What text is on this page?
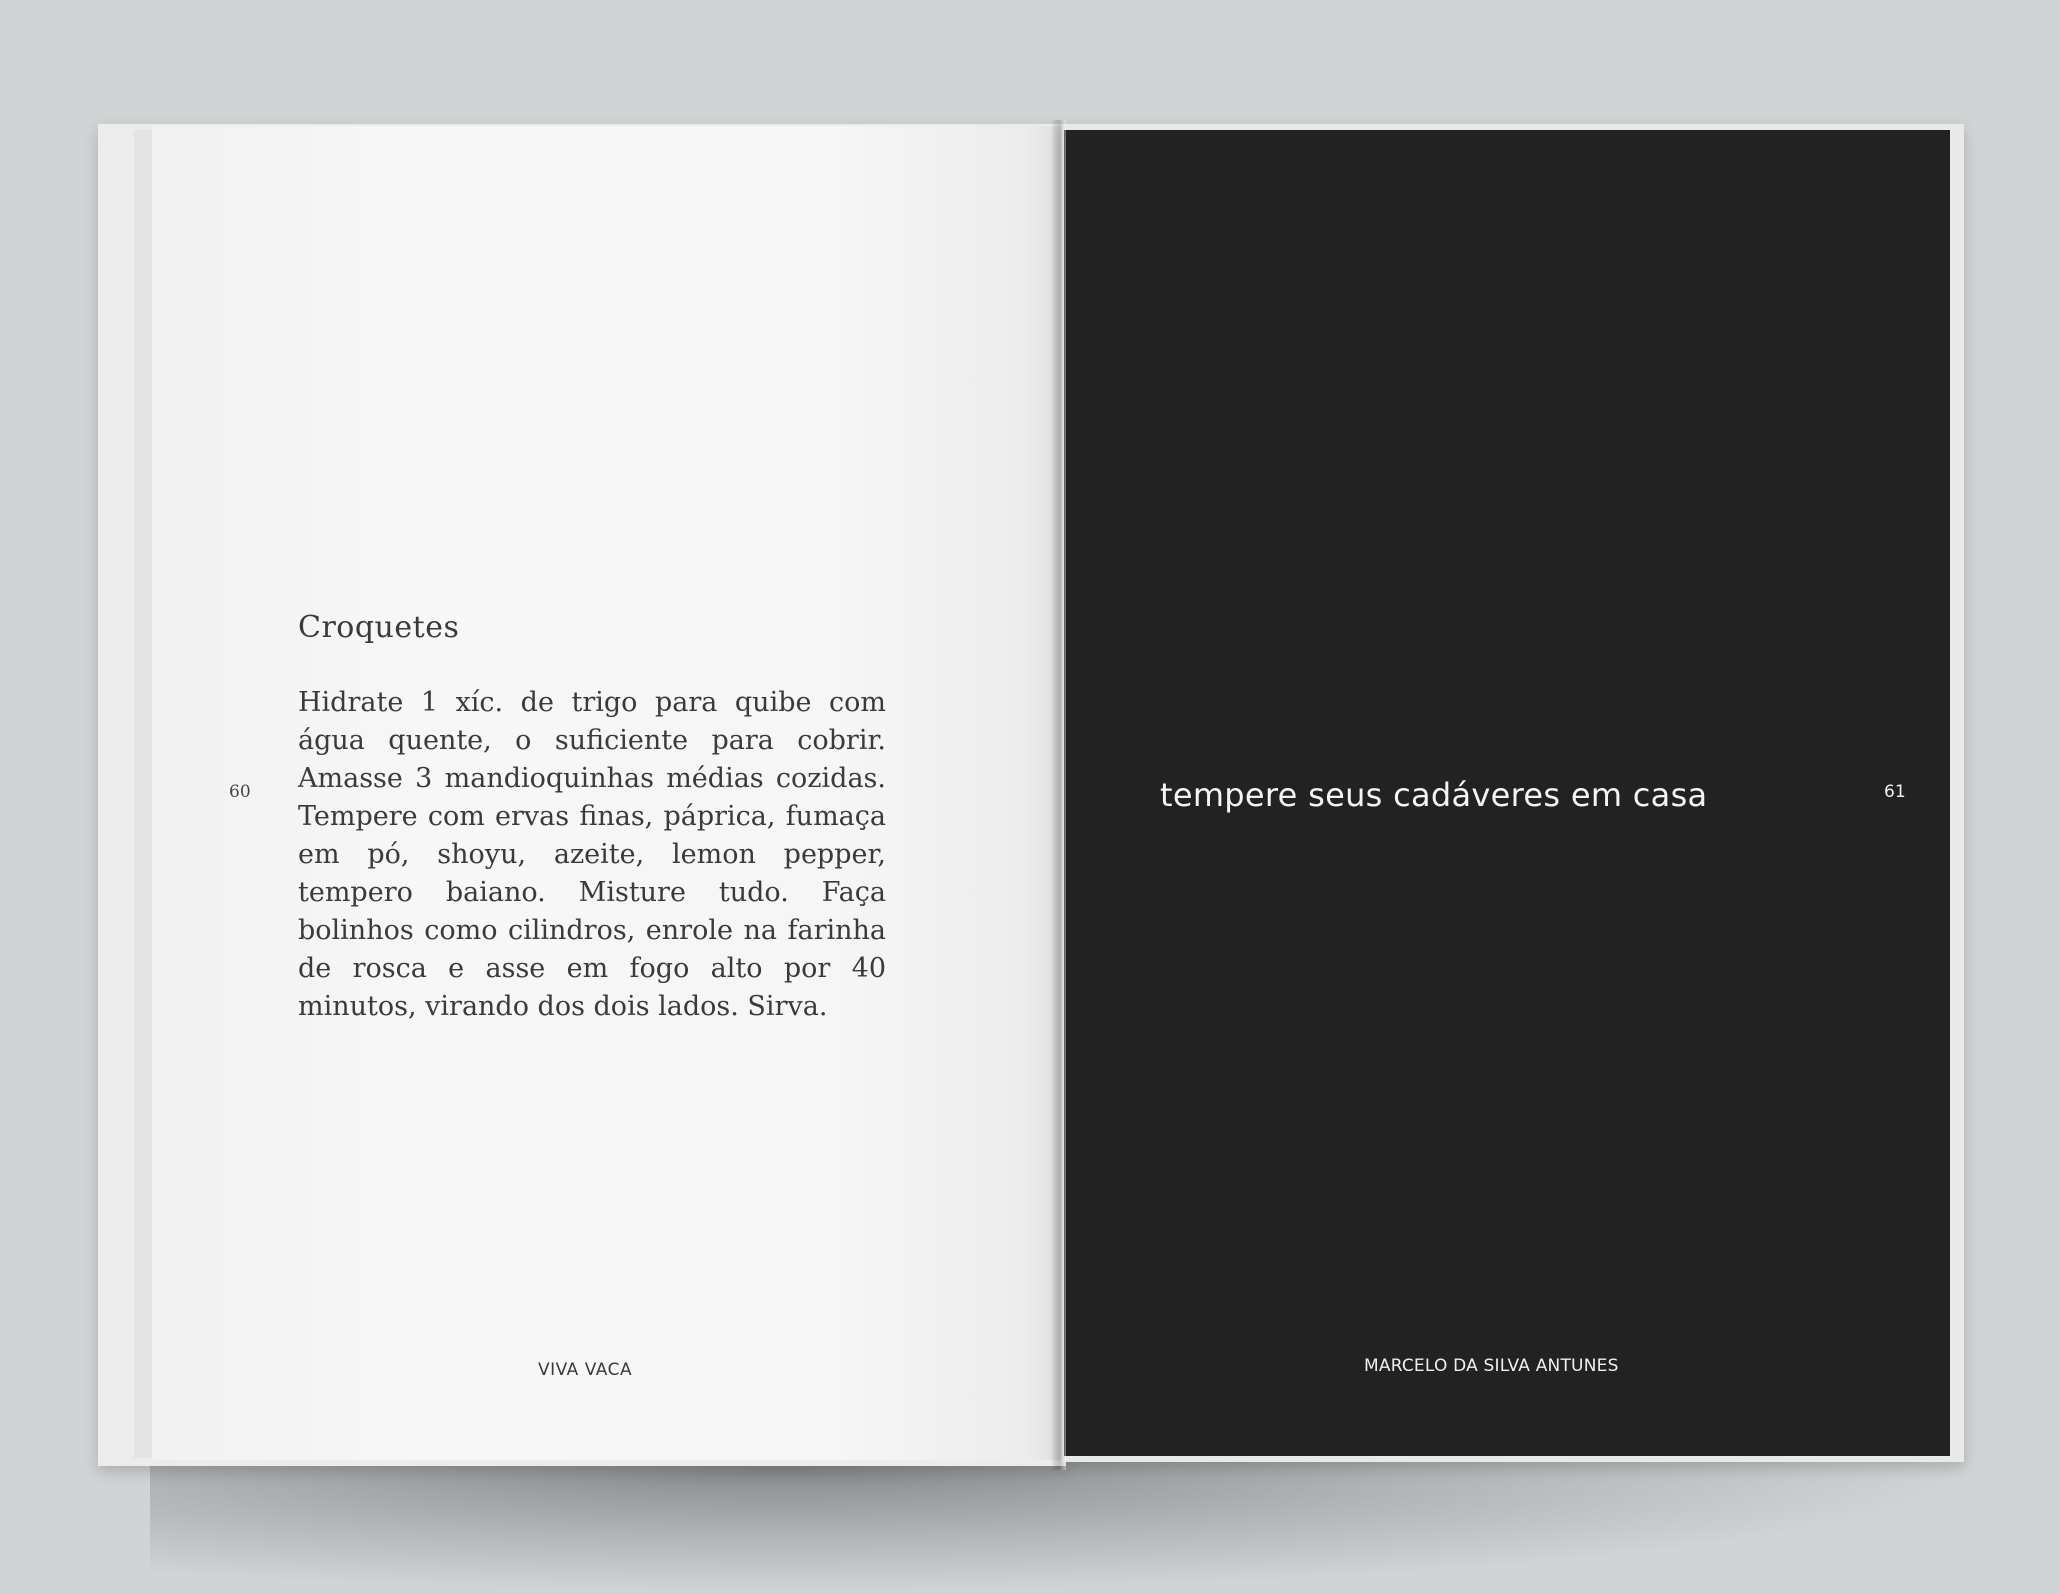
60
Croquetes
Hidrate 1 xíc. de trigo para quibe com água quente, o suficiente para cobrir. Amasse 3 mandioquinhas médias cozidas. Tempere com ervas finas, páprica, fumaça em pó, shoyu, azeite, lemon pepper, tempero baiano. Misture tudo. Faça bolinhos como cilindros, enrole na farinha de rosca e asse em fogo alto por 40 minutos, virando dos dois lados. Sirva.
VIVA VACA
tempere seus cadáveres em casa	61
MARCELO DA SILVA ANTUNES
